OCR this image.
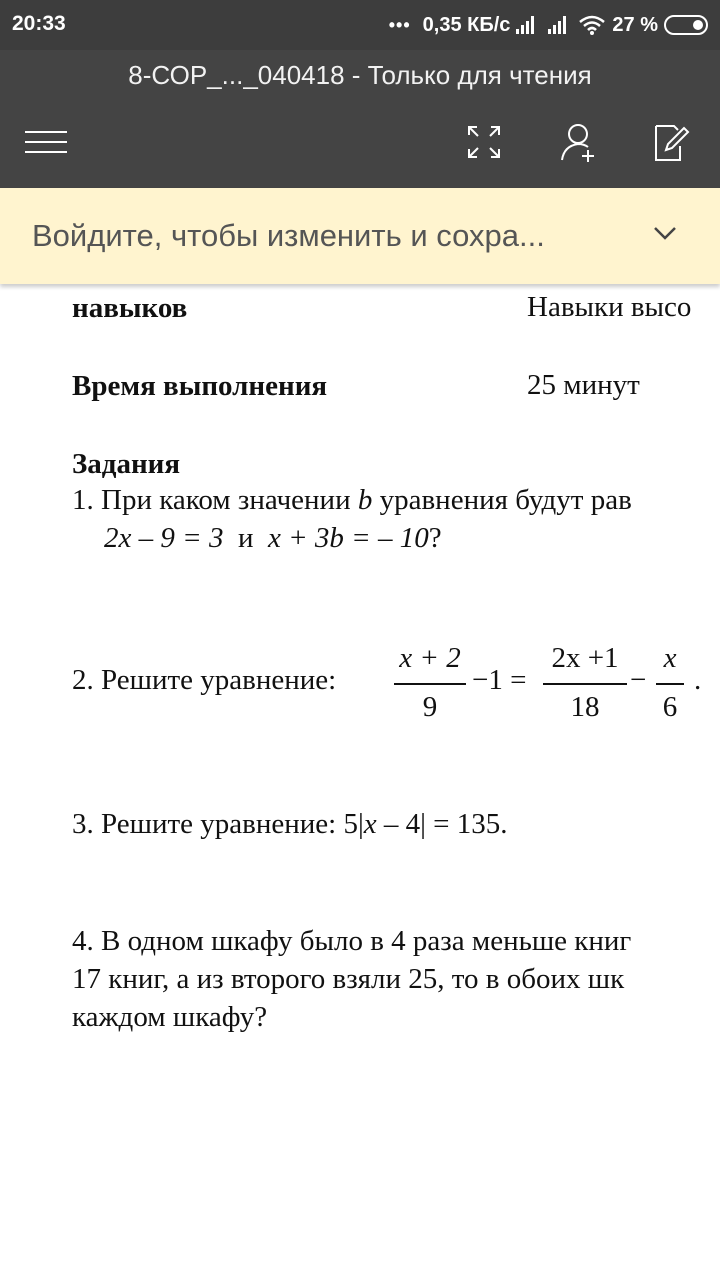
20:33	••• 0,35 КБ/с	27 %
8-СОР_..._040418 - Только для чтения
Войдите, чтобы изменить и сохра...
навыков	Навыки высо
Время выполнения	25 минут
Задания
1. При каком значении b уравнения будут рав
2x – 9 = 3 и x + 3b = – 10?
2. Решите уравнение:
x + 2
9
−1 =
2x +1
18
−
x
6
.
3. Решите уравнение: 5|x – 4| = 135.
4. В одном шкафу было в 4 раза меньше книг
17 книг, а из второго взяли 25, то в обоих шк
каждом шкафу?
